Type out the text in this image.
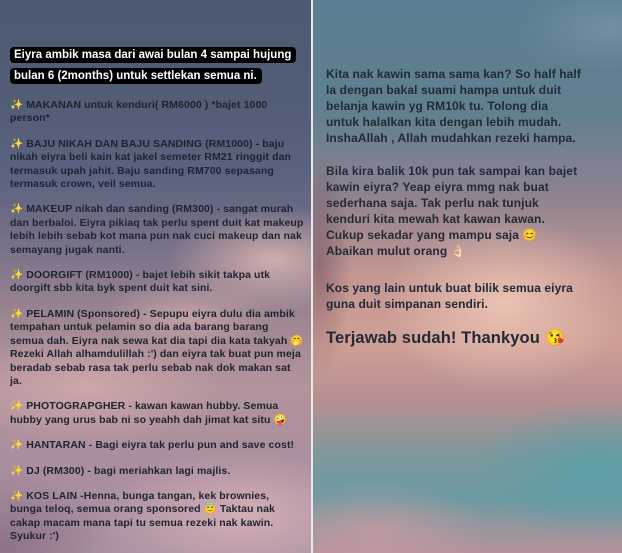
Eiyra ambik masa dari awai bulan 4 sampai hujung bulan 6 (2months) untuk settlekan semua ni.

✨ MAKANAN untuk kenduri( RM6000 ) *bajet 1000 person*

✨ BAJU NIKAH DAN BAJU SANDING (RM1000) - baju nikah eiyra beli kain kat jakel semeter RM21 ringgit dan termasuk upah jahit. Baju sanding RM700 sepasang termasuk crown, veil semua.

✨ MAKEUP nikah dan sanding (RM300) - sangat murah dan berbaloi. Eiyra pikiaq tak perlu spent duit kat makeup lebih lebih sebab kot mana pun nak cuci makeup dan nak semayang jugak nanti.

✨ DOORGIFT (RM1000) - bajet lebih sikit takpa utk doorgift sbb kita byk spent duit kat sini.

✨ PELAMIN (Sponsored) - Sepupu eiyra dulu dia ambik tempahan untuk pelamin so dia ada barang barang semua dah. Eiyra nak sewa kat dia tapi dia kata takyah 🤭 Rezeki Allah alhamdulillah :') dan eiyra tak buat pun meja beradab sebab rasa tak perlu sebab nak dok makan sat ja.

✨ PHOTOGRAPGHER - kawan kawan hubby. Semua hubby yang urus bab ni so yeahh dah jimat kat situ 🤪

✨ HANTARAN - Bagi eiyra tak perlu pun and save cost!

✨ DJ (RM300) - bagi meriahkan lagi majlis.

✨ KOS LAIN -Henna, bunga tangan, kek brownies, bunga teloq, semua orang sponsored 😇 Taktau nak cakap macam mana tapi tu semua rezeki nak kawin. Syukur :')

Kita nak kawin sama sama kan? So half half la dengan bakal suami hampa untuk duit belanja kawin yg RM10k tu. Tolong dia untuk halalkan kita dengan lebih mudah. InshaAllah , Allah mudahkan rezeki hampa.

Bila kira balik 10k pun tak sampai kan bajet kawin eiyra? Yeap eiyra mmg nak buat sederhana saja. Tak perlu nak tunjuk kenduri kita mewah kat kawan kawan. Cukup sekadar yang mampu saja 😊 Abaikan mulut orang 👌🏻

Kos yang lain untuk buat bilik semua eiyra guna duit simpanan sendiri.

Terjawab sudah! Thankyou 😘
